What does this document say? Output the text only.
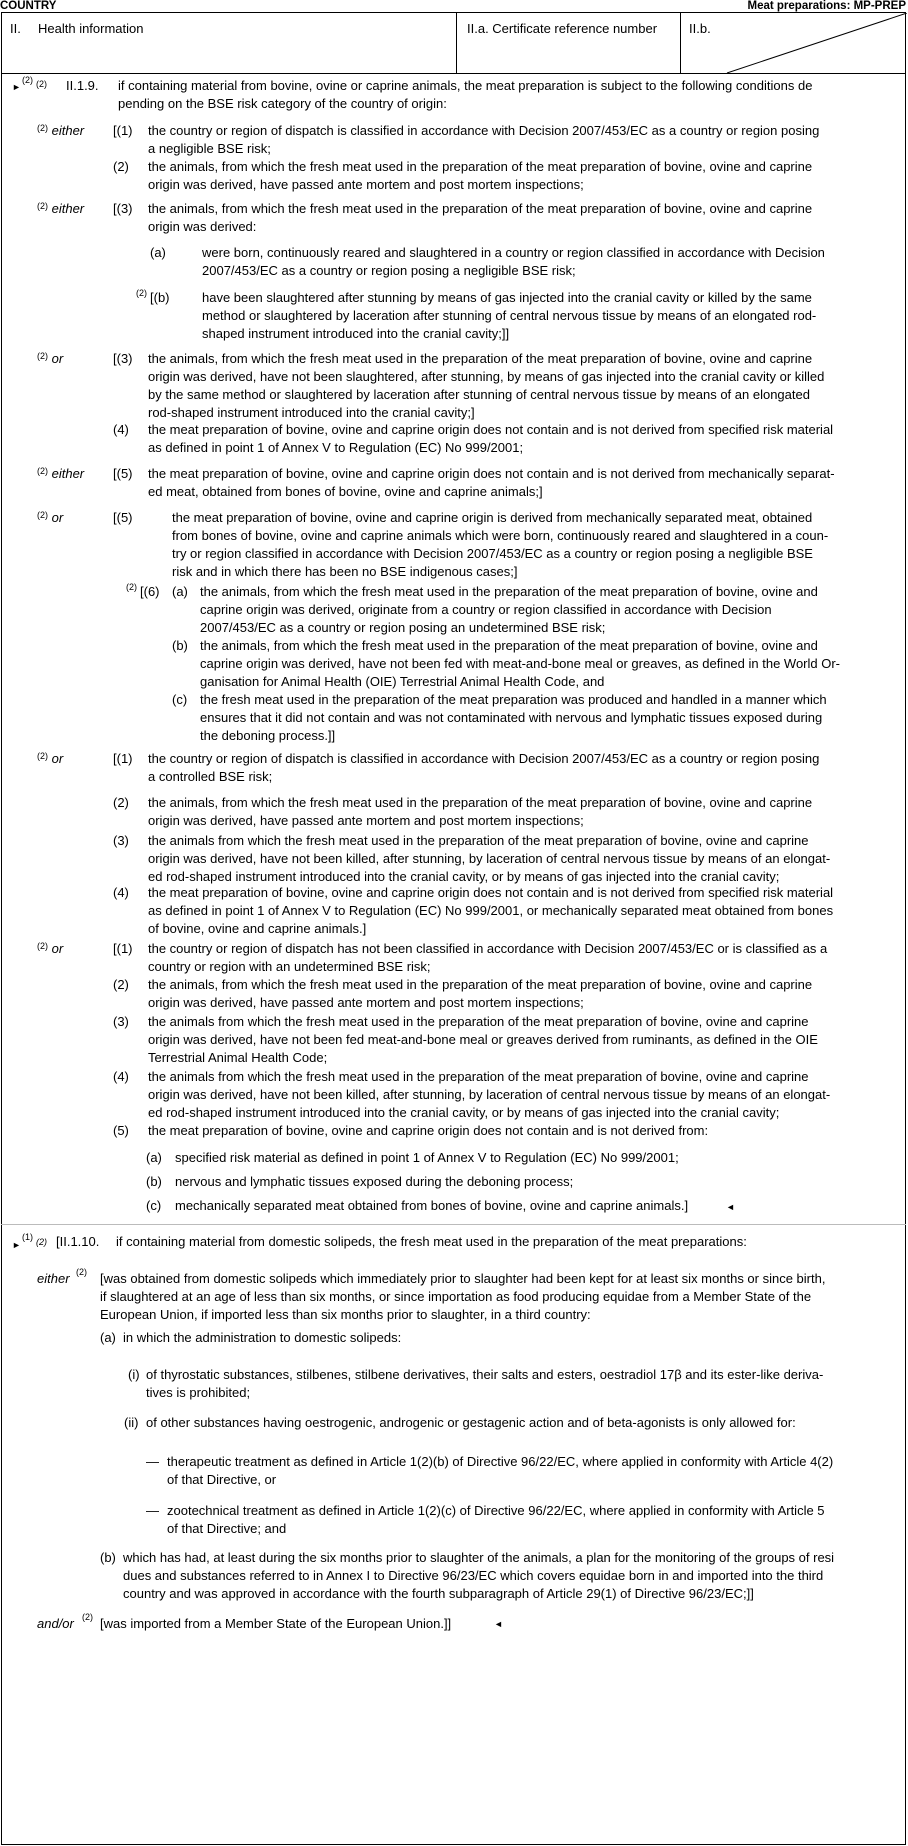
COUNTRY	Meat preparations: MP-PREP
II. Health information	II.a. Certificate reference number II.b.
►
$^{(2)}$ $^{(2)}$ II.1.9. if containing material from bovine, ovine or caprine animals, the meat preparation is subject to the following conditions de
pending on the BSE risk category of the country of origin:
$^{(2)}$ either [(1) the country or region of dispatch is classified in accordance with Decision 2007/453/EC as a country or region posing
a negligible BSE risk;
(2) the animals, from which the fresh meat used in the preparation of the meat preparation of bovine, ovine and caprine
origin was derived, have passed ante mortem and post mortem inspections;
$^{(2)}$ either [(3) the animals, from which the fresh meat used in the preparation of the meat preparation of bovine, ovine and caprine
origin was derived:
(a)	were born, continuously reared and slaughtered in a country or region classified in accordance with Decision
2007/453/EC as a country or region posing a negligible BSE risk;
$^{(2)}$ [(b)	have been slaughtered after stunning by means of gas injected into the cranial cavity or killed by the same
method or slaughtered by laceration after stunning of central nervous tissue by means of an elongated rod-
shaped instrument introduced into the cranial cavity;]]
$^{(2)}$ or	[(3) the animals, from which the fresh meat used in the preparation of the meat preparation of bovine, ovine and caprine
origin was derived, have not been slaughtered, after stunning, by means of gas injected into the cranial cavity or killed
by the same method or slaughtered by laceration after stunning of central nervous tissue by means of an elongated
rod-shaped instrument introduced into the cranial cavity;]
(4) the meat preparation of bovine, ovine and caprine origin does not contain and is not derived from specified risk material
as defined in point 1 of Annex V to Regulation (EC) No 999/2001;
$^{(2)}$ either [(5) the meat preparation of bovine, ovine and caprine origin does not contain and is not derived from mechanically separat-
ed meat, obtained from bones of bovine, ovine and caprine animals;]
$^{(2)}$ or	[(5)	the meat preparation of bovine, ovine and caprine origin is derived from mechanically separated meat, obtained
from bones of bovine, ovine and caprine animals which were born, continuously reared and slaughtered in a coun-
try or region classified in accordance with Decision 2007/453/EC as a country or region posing a negligible BSE
risk and in which there has been no BSE indigenous cases;]
$^{(2)}$ [(6) (a) the animals, from which the fresh meat used in the preparation of the meat preparation of bovine, ovine and
caprine origin was derived, originate from a country or region classified in accordance with Decision
2007/453/EC as a country or region posing an undetermined BSE risk;
(b) the animals, from which the fresh meat used in the preparation of the meat preparation of bovine, ovine and
caprine origin was derived, have not been fed with meat-and-bone meal or greaves, as defined in the World Or-
ganisation for Animal Health (OIE) Terrestrial Animal Health Code, and
(c) the fresh meat used in the preparation of the meat preparation was produced and handled in a manner which
ensures that it did not contain and was not contaminated with nervous and lymphatic tissues exposed during
the deboning process.]]
$^{(2)}$ or	[(1) the country or region of dispatch is classified in accordance with Decision 2007/453/EC as a country or region posing
a controlled BSE risk;
(2) the animals, from which the fresh meat used in the preparation of the meat preparation of bovine, ovine and caprine
origin was derived, have passed ante mortem and post mortem inspections;
(3) the animals from which the fresh meat used in the preparation of the meat preparation of bovine, ovine and caprine
origin was derived, have not been killed, after stunning, by laceration of central nervous tissue by means of an elongat-
ed rod-shaped instrument introduced into the cranial cavity, or by means of gas injected into the cranial cavity;
(4) the meat preparation of bovine, ovine and caprine origin does not contain and is not derived from specified risk material
as defined in point 1 of Annex V to Regulation (EC) No 999/2001, or mechanically separated meat obtained from bones
of bovine, ovine and caprine animals.]
$^{(2)}$ or	[(1) the country or region of dispatch has not been classified in accordance with Decision 2007/453/EC or is classified as a
country or region with an undetermined BSE risk;
(2) the animals, from which the fresh meat used in the preparation of the meat preparation of bovine, ovine and caprine
origin was derived, have passed ante mortem and post mortem inspections;
(3) the animals from which the fresh meat used in the preparation of the meat preparation of bovine, ovine and caprine
origin was derived, have not been fed meat-and-bone meal or greaves derived from ruminants, as defined in the OIE
Terrestrial Animal Health Code;
(4) the animals from which the fresh meat used in the preparation of the meat preparation of bovine, ovine and caprine
origin was derived, have not been killed, after stunning, by laceration of central nervous tissue by means of an elongat-
ed rod-shaped instrument introduced into the cranial cavity, or by means of gas injected into the cranial cavity;
(5) the meat preparation of bovine, ovine and caprine origin does not contain and is not derived from:
(a) specified risk material as defined in point 1 of Annex V to Regulation (EC) No 999/2001;
(b) nervous and lymphatic tissues exposed during the deboning process;
(c) mechanically separated meat obtained from bones of bovine, ovine and caprine animals.]	◄
►
$^{(1)}$ $^{(2)}$ [II.1.10. if containing material from domestic solipeds, the fresh meat used in the preparation of the meat preparations:
either $^{(2)}$ [was obtained from domestic solipeds which immediately prior to slaughter had been kept for at least six months or since birth,
if slaughtered at an age of less than six months, or since importation as food producing equidae from a Member State of the
European Union, if imported less than six months prior to slaughter, in a third country:
(a) in which the administration to domestic solipeds:
(i) of thyrostatic substances, stilbenes, stilbene derivatives, their salts and esters, oestradiol 17β and its ester-like deriva-
tives is prohibited;
(ii) of other substances having oestrogenic, androgenic or gestagenic action and of beta-agonists is only allowed for:
— therapeutic treatment as defined in Article 1(2)(b) of Directive 96/22/EC, where applied in conformity with Article 4(2)
of that Directive, or
— zootechnical treatment as defined in Article 1(2)(c) of Directive 96/22/EC, where applied in conformity with Article 5
of that Directive; and
(b) which has had, at least during the six months prior to slaughter of the animals, a plan for the monitoring of the groups of resi
dues and substances referred to in Annex I to Directive 96/23/EC which covers equidae born in and imported into the third
country and was approved in accordance with the fourth subparagraph of Article 29(1) of Directive 96/23/EC;]]
and/or $^{(2)}$ [was imported from a Member State of the European Union.]]	◄
